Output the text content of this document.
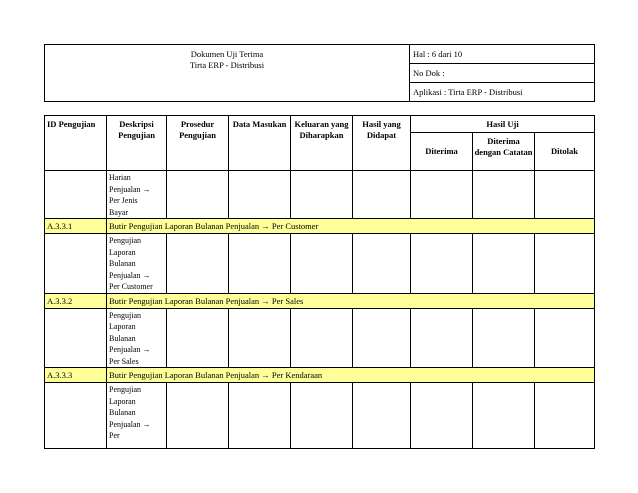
Dokumen Uji Terima
Tirta ERP - Distribusi
	Hal : 6 dari 10
No Dok :
Aplikasi : Tirta ERP - Distribusi
ID Pengujian	Deskripsi Pengujian	Prosedur Pengujian	Data Masukan	Keluaran yang Diharapkan	Hasil yang Didapat	Hasil Uji		
						Diterima	Diterima dengan Catatan	Ditolak

	Harian
Penjualan →
Per Jenis
Bayar							

A.3.3.1	Butir Pengujian Laporan Bulanan Penjualan → Per Customer							

	Pengujian
Laporan
Bulanan
Penjualan →
Per Customer							

A.3.3.2	Butir Pengujian Laporan Bulanan Penjualan → Per Sales							

	Pengujian
Laporan
Bulanan
Penjualan →
Per Sales							

A.3.3.3	Butir Pengujian Laporan Bulanan Penjualan → Per Kendaraan							

	Pengujian
Laporan
Bulanan
Penjualan →
Per							
